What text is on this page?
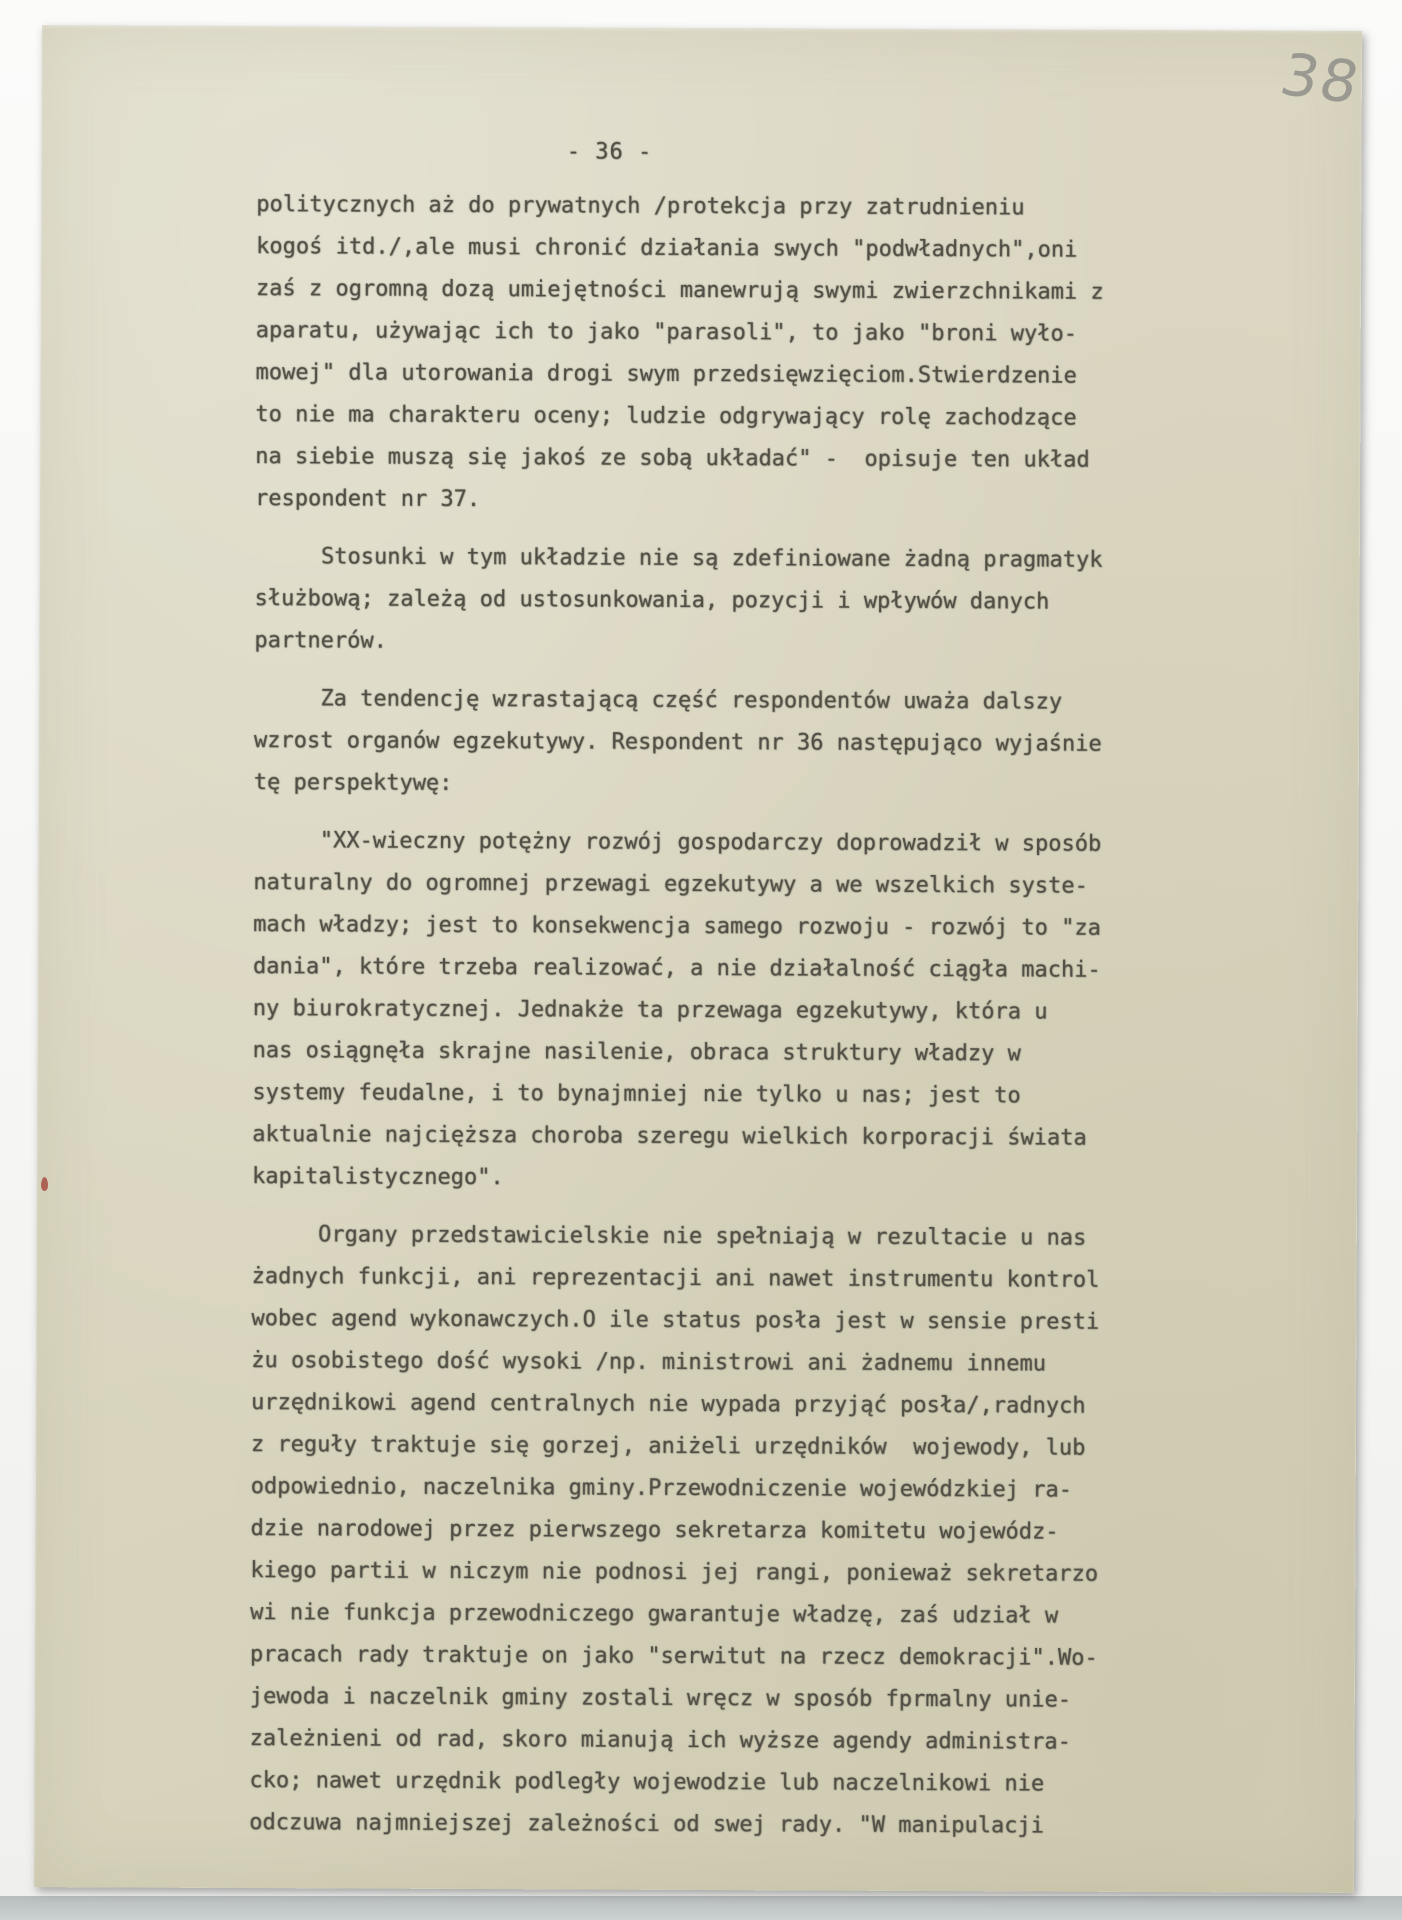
38
- 36 -
politycznych aż do prywatnych /protekcja przy zatrudnieniu
kogoś itd./,ale musi chronić działania swych "podwładnych",oni
zaś z ogromną dozą umiejętności manewrują swymi zwierzchnikami z
aparatu, używając ich to jako "parasoli", to jako "broni wyło-
mowej" dla utorowania drogi swym przedsięwzięciom.Stwierdzenie
to nie ma charakteru oceny; ludzie odgrywający rolę zachodzące
na siebie muszą się jakoś ze sobą układać" -  opisuje ten układ
respondent nr 37.
Stosunki w tym układzie nie są zdefiniowane żadną pragmatyk
służbową; zależą od ustosunkowania, pozycji i wpływów danych
partnerów.
Za tendencję wzrastającą część respondentów uważa dalszy
wzrost organów egzekutywy. Respondent nr 36 następująco wyjaśnie
tę perspektywę:
"XX-wieczny potężny rozwój gospodarczy doprowadził w sposób
naturalny do ogromnej przewagi egzekutywy a we wszelkich syste-
mach władzy; jest to konsekwencja samego rozwoju - rozwój to "za
dania", które trzeba realizować, a nie działalność ciągła machi-
ny biurokratycznej. Jednakże ta przewaga egzekutywy, która u
nas osiągnęła skrajne nasilenie, obraca struktury władzy w
systemy feudalne, i to bynajmniej nie tylko u nas; jest to
aktualnie najcięższa choroba szeregu wielkich korporacji świata
kapitalistycznego".
Organy przedstawicielskie nie spełniają w rezultacie u nas
żadnych funkcji, ani reprezentacji ani nawet instrumentu kontrol
wobec agend wykonawczych.O ile status posła jest w sensie presti
żu osobistego dość wysoki /np. ministrowi ani żadnemu innemu
urzędnikowi agend centralnych nie wypada przyjąć posła/,radnych
z reguły traktuje się gorzej, aniżeli urzędników  wojewody, lub
odpowiednio, naczelnika gminy.Przewodniczenie wojewódzkiej ra-
dzie narodowej przez pierwszego sekretarza komitetu wojewódz-
kiego partii w niczym nie podnosi jej rangi, ponieważ sekretarzo
wi nie funkcja przewodniczego gwarantuje władzę, zaś udział w
pracach rady traktuje on jako "serwitut na rzecz demokracji".Wo-
jewoda i naczelnik gminy zostali wręcz w sposób fprmalny unie-
zależnieni od rad, skoro mianują ich wyższe agendy administra-
cko; nawet urzędnik podległy wojewodzie lub naczelnikowi nie
odczuwa najmniejszej zależności od swej rady. "W manipulacji
